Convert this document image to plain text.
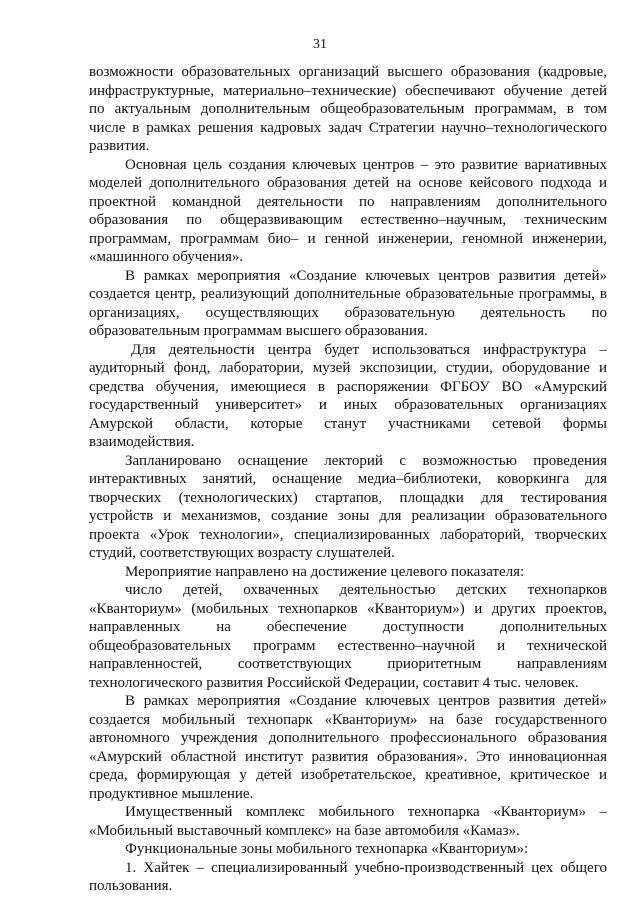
31
возможности образовательных организаций высшего образования (кадровые,
инфраструктурные, материально–технические) обеспечивают обучение детей
по актуальным дополнительным общеобразовательным программам, в том
числе в рамках решения кадровых задач Стратегии научно–технологического
развития.
Основная цель создания ключевых центров – это развитие вариативных
моделей дополнительного образования детей на основе кейсового подхода и
проектной командной деятельности по направлениям дополнительного
образования по общеразвивающим естественно–научным, техническим
программам, программам био– и генной инженерии, геномной инженерии,
«машинного обучения».
В рамках мероприятия «Создание ключевых центров развития детей»
создается центр, реализующий дополнительные образовательные программы, в
организациях, осуществляющих образовательную деятельность по
образовательным программам высшего образования.
Для деятельности центра будет использоваться инфраструктура –
аудиторный фонд, лаборатории, музей экспозиции, студии, оборудование и
средства обучения, имеющиеся в распоряжении ФГБОУ ВО «Амурский
государственный университет» и иных образовательных организациях
Амурской области, которые станут участниками сетевой формы
взаимодействия.
Запланировано оснащение лекторий с возможностью проведения
интерактивных занятий, оснащение медиа–библиотеки, коворкинга для
творческих (технологических) стартапов, площадки для тестирования
устройств и механизмов, создание зоны для реализации образовательного
проекта «Урок технологии», специализированных лабораторий, творческих
студий, соответствующих возрасту слушателей.
Мероприятие направлено на достижение целевого показателя:
число детей, охваченных деятельностью детских технопарков
«Кванториум» (мобильных технопарков «Кванториум») и других проектов,
направленных на обеспечение доступности дополнительных
общеобразовательных программ естественно–научной и технической
направленностей, соответствующих приоритетным направлениям
технологического развития Российской Федерации, составит 4 тыс. человек.
В рамках мероприятия «Создание ключевых центров развития детей»
создается мобильный технопарк «Кванториум» на базе государственного
автономного учреждения дополнительного профессионального образования
«Амурский областной институт развития образования». Это инновационная
среда, формирующая у детей изобретательское, креативное, критическое и
продуктивное мышление.
Имущественный комплекс мобильного технопарка «Кванториум» –
«Мобильный выставочный комплекс» на базе автомобиля «Камаз».
Функциональные зоны мобильного технопарка «Кванториум»:
1. Хайтек – специализированный учебно-производственный цех общего
пользования.
